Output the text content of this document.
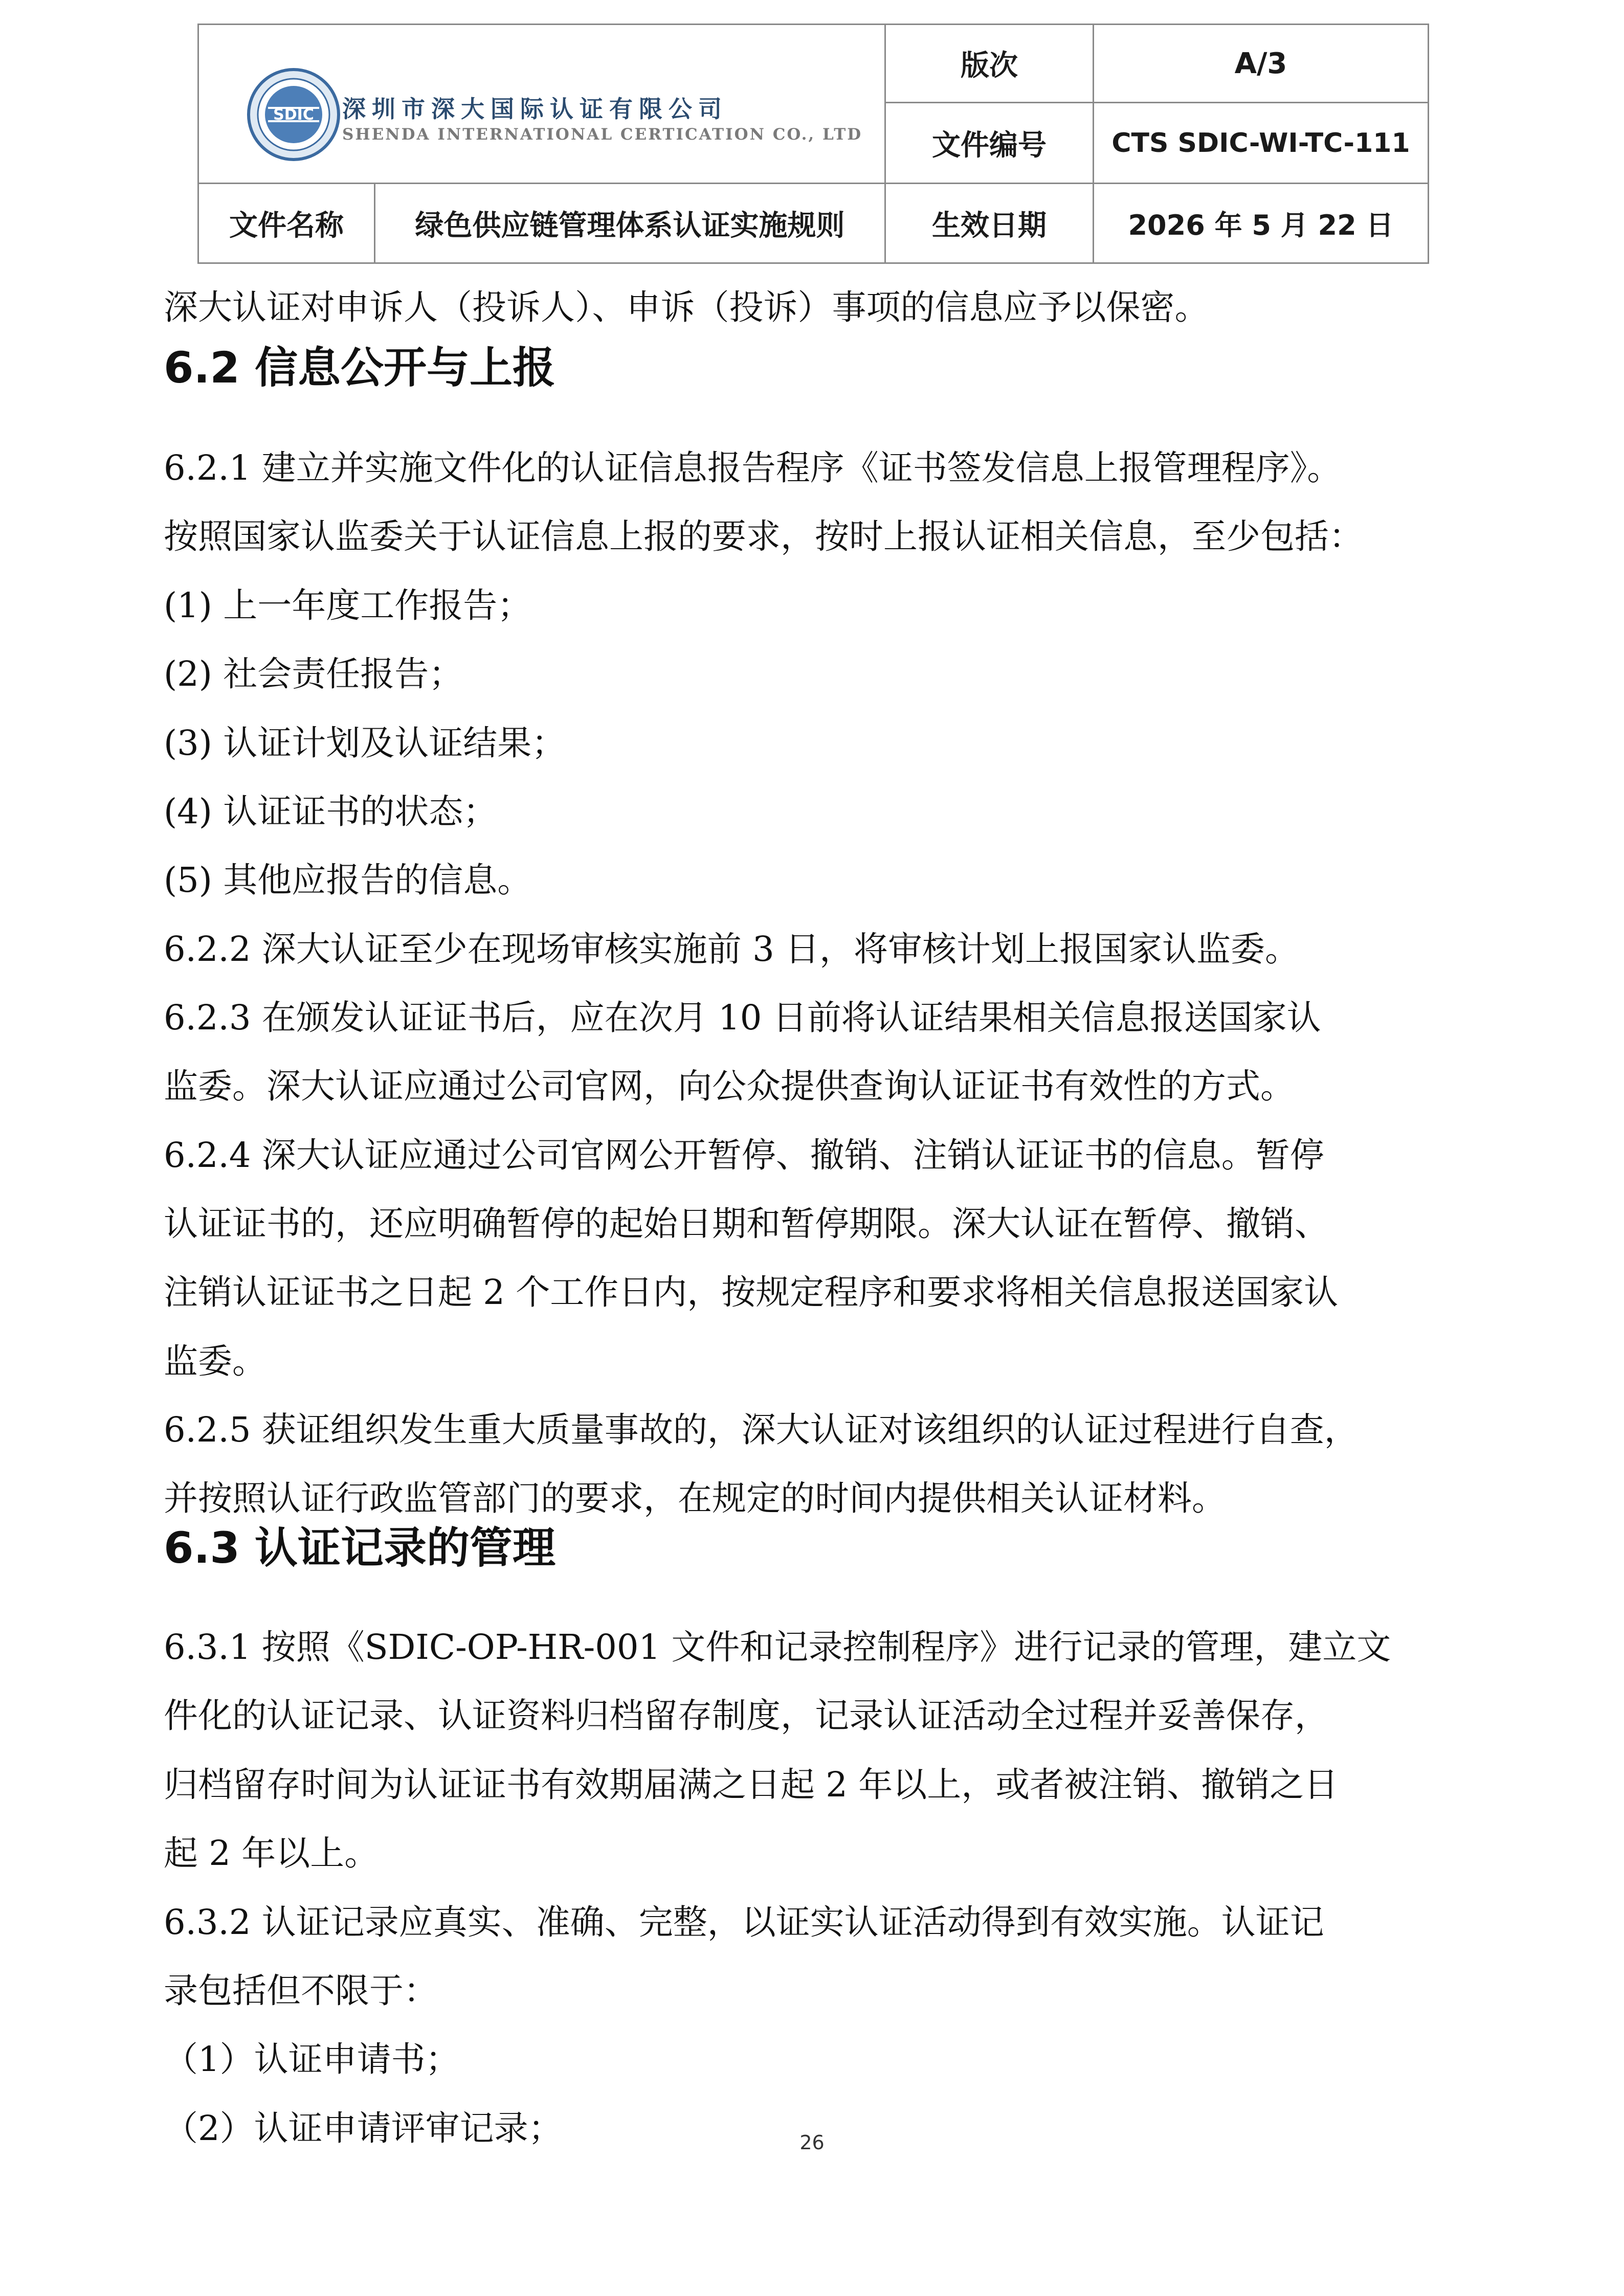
SDIC 深圳市深大国际认证有限公司
SHENDA INTERNATIONAL CERTICATION CO., LTD		版次	A/3
		文件编号	CTS SDIC-WI-TC-111
文件名称	绿色供应链管理体系认证实施规则	生效日期	2026 年 5 月 22 日
深大认证对申诉人（投诉人）、申诉（投诉）事项的信息应予以保密。
6.2 信息公开与上报
6.2.1 建立并实施文件化的认证信息报告程序《证书签发信息上报管理程序》。
按照国家认监委关于认证信息上报的要求，按时上报认证相关信息，至少包括：
(1) 上一年度工作报告；
(2) 社会责任报告；
(3) 认证计划及认证结果；
(4) 认证证书的状态；
(5) 其他应报告的信息。
6.2.2 深大认证至少在现场审核实施前 3 日，将审核计划上报国家认监委。
6.2.3 在颁发认证证书后，应在次月 10 日前将认证结果相关信息报送国家认
监委。深大认证应通过公司官网，向公众提供查询认证证书有效性的方式。
6.2.4 深大认证应通过公司官网公开暂停、撤销、注销认证证书的信息。暂停
认证证书的，还应明确暂停的起始日期和暂停期限。深大认证在暂停、撤销、
注销认证证书之日起 2 个工作日内，按规定程序和要求将相关信息报送国家认
监委。
6.2.5 获证组织发生重大质量事故的，深大认证对该组织的认证过程进行自查，
并按照认证行政监管部门的要求，在规定的时间内提供相关认证材料。
6.3 认证记录的管理
6.3.1 按照《SDIC-OP-HR-001 文件和记录控制程序》进行记录的管理，建立文
件化的认证记录、认证资料归档留存制度，记录认证活动全过程并妥善保存，
归档留存时间为认证证书有效期届满之日起 2 年以上，或者被注销、撤销之日
起 2 年以上。
6.3.2 认证记录应真实、准确、完整，以证实认证活动得到有效实施。认证记
录包括但不限于：
（1）认证申请书；
（2）认证申请评审记录；	26
